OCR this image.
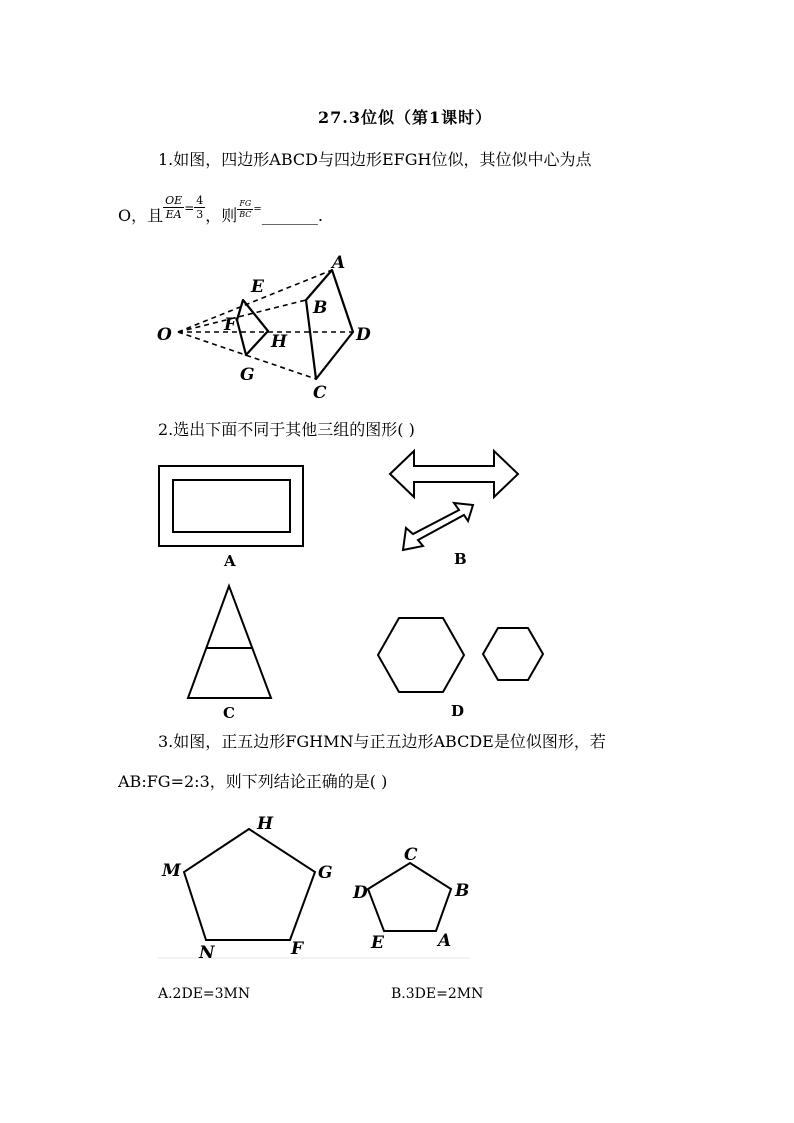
27.3位似（第1课时）
1.如图，四边形ABCD与四边形EFGH位似，其位似中心为点
O，且 $\frac{OE}{EA} = \frac{4}{3}$ ，则 $\frac{FG}{BC}$ = _______ .
O
E
F
G
H
A
B
C
D
2.选出下面不同于其他三组的图形( )
A	B
C	D
3.如图，正五边形FGHMN与正五边形ABCDE是位似图形，若
AB:FG=2:3，则下列结论正确的是( )
H
M	G
N	F
C
D	B
E	A
A.2DE=3MN	B.3DE=2MN
